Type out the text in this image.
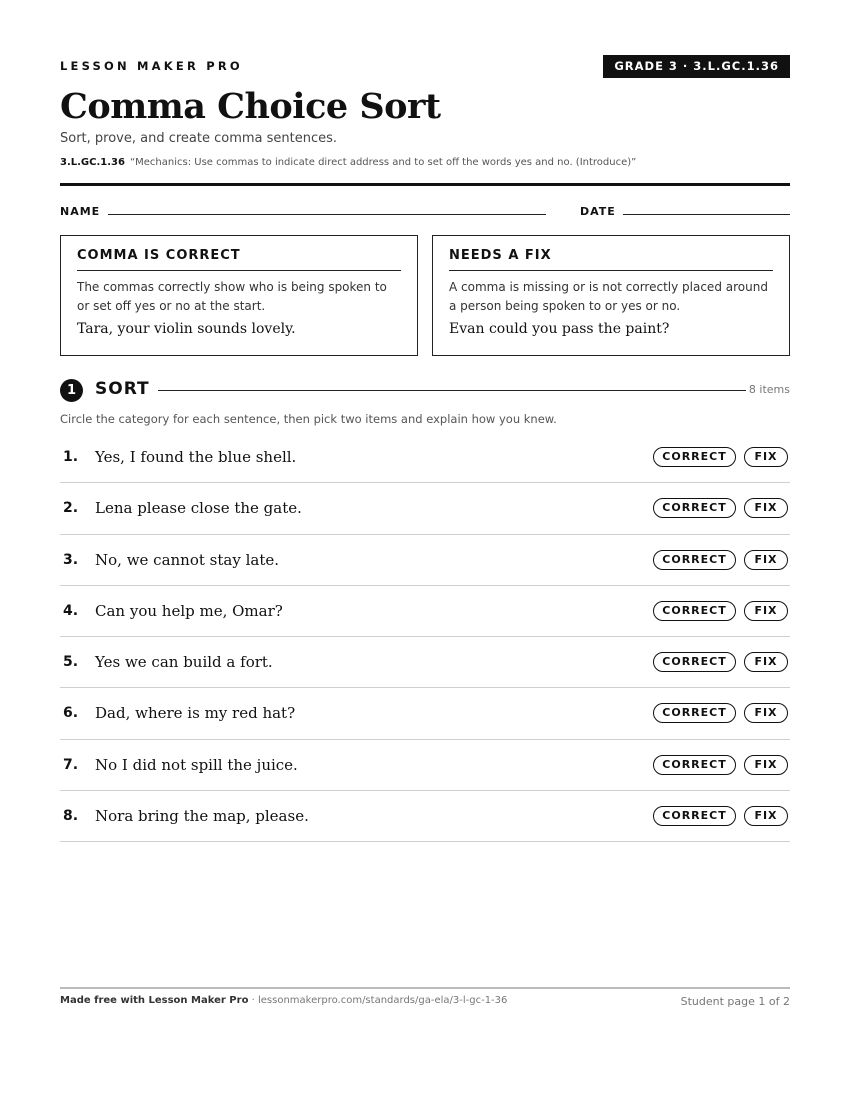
LESSON MAKER PRO	GRADE 3 · 3.L.GC.1.36
Comma Choice Sort
Sort, prove, and create comma sentences.
3.L.GC.1.36 “Mechanics: Use commas to indicate direct address and to set off the words yes and no. (Introduce)”
NAME	DATE
COMMA IS CORRECT
The commas correctly show who is being spoken to or set off yes or no at the start.
Tara, your violin sounds lovely.
NEEDS A FIX
A comma is missing or is not correctly placed around a person being spoken to or yes or no.
Evan could you pass the paint?
1	SORT	8 items
Circle the category for each sentence, then pick two items and explain how you knew.
1. Yes, I found the blue shell.	CORRECT	FIX
2. Lena please close the gate.	CORRECT	FIX
3. No, we cannot stay late.	CORRECT	FIX
4. Can you help me, Omar?	CORRECT	FIX
5. Yes we can build a fort.	CORRECT	FIX
6. Dad, where is my red hat?	CORRECT	FIX
7. No I did not spill the juice.	CORRECT	FIX
8. Nora bring the map, please.	CORRECT	FIX
Made free with Lesson Maker Pro · lessonmakerpro.com/standards/ga-ela/3-l-gc-1-36	Student page 1 of 2
